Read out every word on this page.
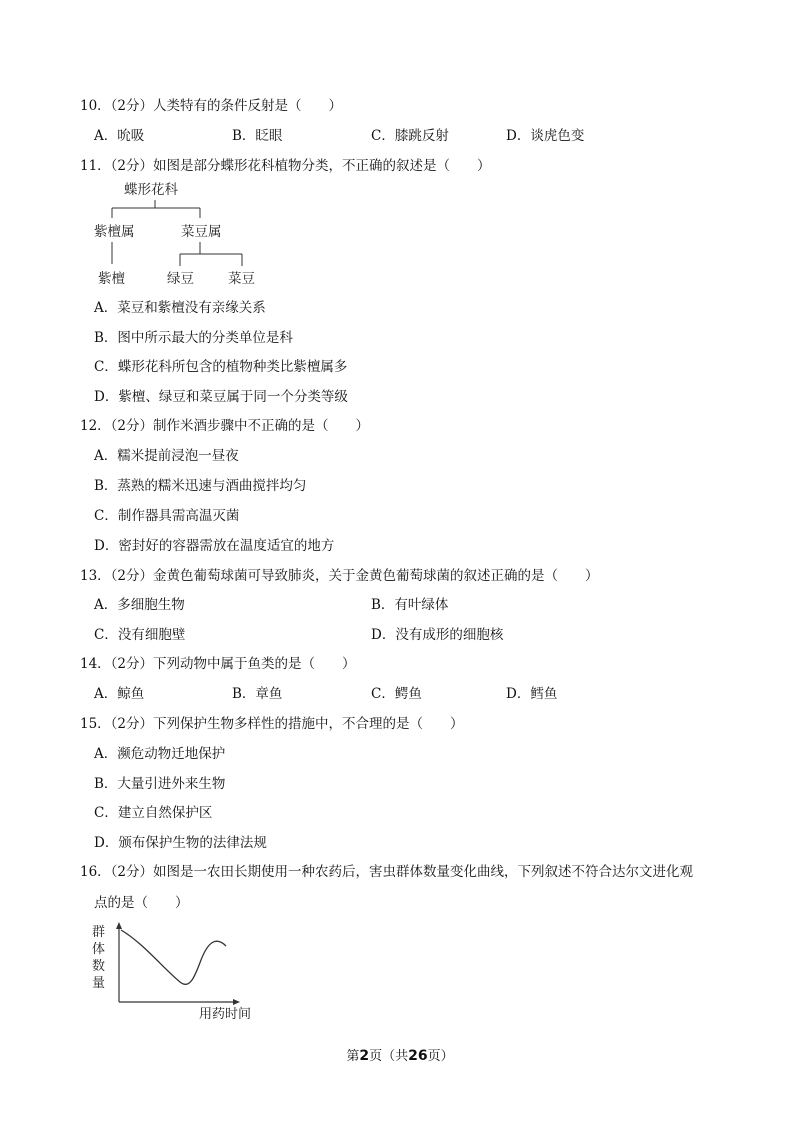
10．（2分）人类特有的条件反射是（　　）
A．吮吸	B．眨眼	C．膝跳反射	D．谈虎色变
11．（2分）如图是部分蝶形花科植物分类，不正确的叙述是（　　）
蝶形花科
紫檀属	菜豆属
紫檀	绿豆	菜豆
A．菜豆和紫檀没有亲缘关系
B．图中所示最大的分类单位是科
C．蝶形花科所包含的植物种类比紫檀属多
D．紫檀、绿豆和菜豆属于同一个分类等级
12．（2分）制作米酒步骤中不正确的是（　　）
A．糯米提前浸泡一昼夜
B．蒸熟的糯米迅速与酒曲搅拌均匀
C．制作器具需高温灭菌
D．密封好的容器需放在温度适宜的地方
13．（2分）金黄色葡萄球菌可导致肺炎，关于金黄色葡萄球菌的叙述正确的是（　　）
A．多细胞生物	B．有叶绿体
C．没有细胞壁	D．没有成形的细胞核
14．（2分）下列动物中属于鱼类的是（　　）
A．鲸鱼	B．章鱼	C．鳄鱼	D．鳕鱼
15．（2分）下列保护生物多样性的措施中，不合理的是（　　）
A．濒危动物迁地保护
B．大量引进外来生物
C．建立自然保护区
D．颁布保护生物的法律法规
16．（2分）如图是一农田长期使用一种农药后，害虫群体数量变化曲线，下列叙述不符合达尔文进化观
点的是（　　）
群
体
数
量
用药时间
第2页（共26页）
